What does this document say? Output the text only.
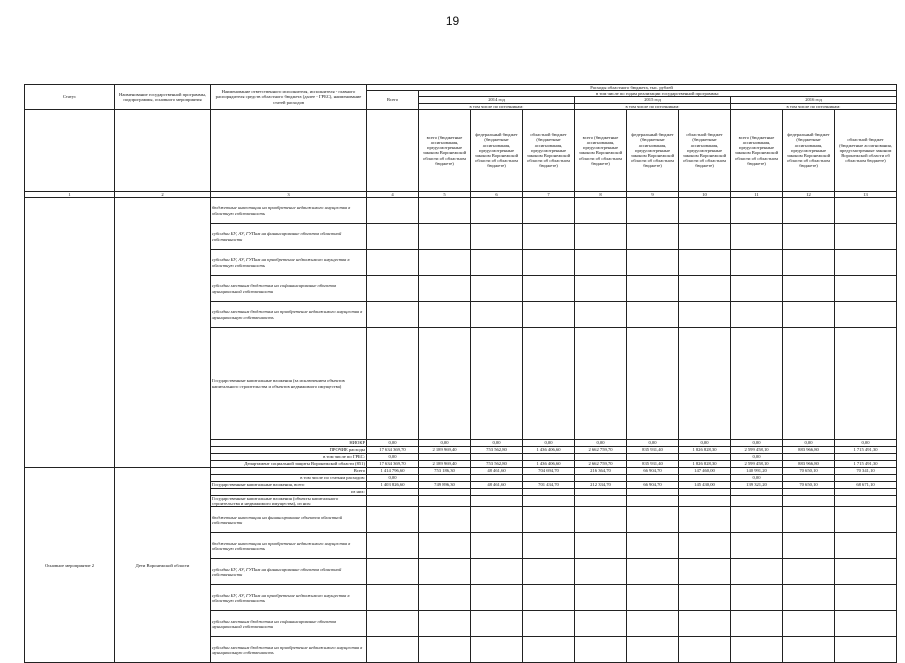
19
Статус	Наименование государственной программы, подпрограммы, основного мероприятия	Наименование ответственного исполнителя, исполнителя - главного распорядителя средств областного бюджета (далее - ГРБС), наименование статей расходов	Расходы областного бюджета, тыс. рублей									
			Всего	в том числе по годам реализации государственной программы:								
				2014 год			2015 год			2016 год		
				в том числе по источникам:			в том числе по источникам:			в том числе по источникам:		
				всего (бюджетные ассигнования, предусмотренные законом Воронежской области об областном бюджете)	федеральный бюджет (бюджетные ассигнования, предусмотренные законом Воронежской области об областном бюджете)	областной бюджет (бюджетные ассигнования, предусмотренные законом Воронежской области об областном бюджете)	всего (бюджетные ассигнования, предусмотренные законом Воронежской области об областном бюджете)	федеральный бюджет (бюджетные ассигнования, предусмотренные законом Воронежской области об областном бюджете)	областной бюджет (бюджетные ассигнования, предусмотренные законом Воронежской области об областном бюджете)	всего (бюджетные ассигнования, предусмотренные законом Воронежской области об областном бюджете)	федеральный бюджет (бюджетные ассигнования, предусмотренные законом Воронежской области об областном бюджете)	областной бюджет (бюджетные ассигнования, предусмотренные законом Воронежской области об областном бюджете)
1	2	3	4	5	6	7	8	9	10	11	12	13
		бюджетные инвестиции на приобретение недвижимого имущества в областную собственность										
		субсидии БУ, АУ, ГУПам на финансирование объектов областной собственности										
		субсидии БУ, АУ, ГУПам на приобретение недвижимого имущества в областную собственность										
		субсидии местным бюджетам на софинансирование объектов муниципальной собственности										
		субсидии местным бюджетам на приобретение недвижимого имущества в муниципальную собственность										
		Государственные капитальные вложения (за исключением объектов капитального строительства и объектов недвижимого имущества)										
		НИОКР	0,00	0,00	0,00	0,00	0,00	0,00	0,00	0,00	0,00	0,00
		ПРОЧИЕ расходы	17 634 369,70	2 189 969,40	753 562,80	1 436 406,60	2 662 759,70	835 931,40	1 826 828,30	2 599 458,10	883 966,80	1 715 491,30
		в том числе по ГРБС:	0,00							0,00		
		Департамент социальной защиты Воронежской области (851)	17 634 369,70	2 189 969,40	753 562,80	1 436 406,60	2 662 759,70	835 931,40	1 826 828,30	2 599 458,10	883 966,80	1 715 491,30
Основное мероприятие 2	Дети Воронежской области	Всего	1 414 796,60	753 186,30	48 461,60	704 694,70	216 364,70	66 904,70	147 460,00	140 991,20	70 650,10	70 341,10
		в том числе по статьям расходов:	0,00							0,00		
		Государственные капитальные вложения, всего	1 403 826,60	749 896,30	48 461,60	701 434,70	212 334,70	66 904,70	145 430,00	139 321,20	70 650,10	68 671,10
		из них:										
		Государственные капитальные вложения (объекты капитального строительства и недвижимого имущества), из них:										
		бюджетные инвестиции на финансирование объектов областной собственности										
		бюджетные инвестиции на приобретение недвижимого имущества в областную собственность										
		субсидии БУ, АУ, ГУПам на финансирование объектов областной собственности										
		субсидии БУ, АУ, ГУПам на приобретение недвижимого имущества в областную собственность										
		субсидии местным бюджетам на софинансирование объектов муниципальной собственности										
		субсидии местным бюджетам на приобретение недвижимого имущества в муниципальную собственность										
